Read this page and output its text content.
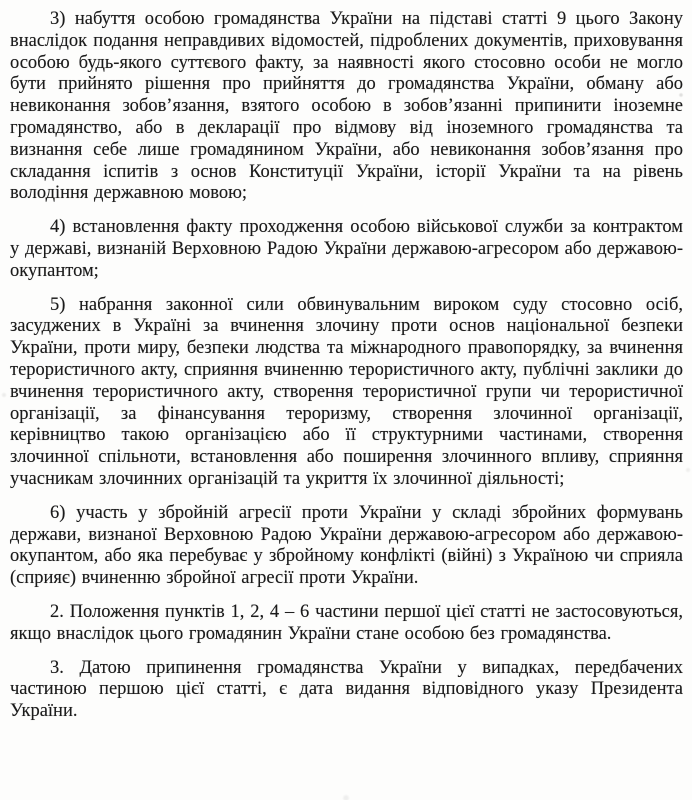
3) набуття особою громадянства України на підставі статті 9 цього Закону внаслідок подання неправдивих відомостей, підроблених документів, приховування особою будь-якого суттєвого факту, за наявності якого стосовно особи не могло бути прийнято рішення про прийняття до громадянства України, обману або невиконання зобов’язання, взятого особою в зобов’язанні припинити іноземне громадянство, або в декларації про відмову від іноземного громадянства та визнання себе лише громадянином України, або невиконання зобов’язання про складання іспитів з основ Конституції України, історії України та на рівень володіння державною мовою;

4) встановлення факту проходження особою військової служби за контрактом у державі, визнаній Верховною Радою України державою-агресором або державою-окупантом;

5) набрання законної сили обвинувальним вироком суду стосовно осіб, засуджених в Україні за вчинення злочину проти основ національної безпеки України, проти миру, безпеки людства та міжнародного правопорядку, за вчинення терористичного акту, сприяння вчиненню терористичного акту, публічні заклики до вчинення терористичного акту, створення терористичної групи чи терористичної організації, за фінансування тероризму, створення злочинної організації, керівництво такою організацією або її структурними частинами, створення злочинної спільноти, встановлення або поширення злочинного впливу, сприяння учасникам злочинних організацій та укриття їх злочинної діяльності;

6) участь у збройній агресії проти України у складі збройних формувань держави, визнаної Верховною Радою України державою-агресором або державою-окупантом, або яка перебуває у збройному конфлікті (війні) з Україною чи сприяла (сприяє) вчиненню збройної агресії проти України.

2. Положення пунктів 1, 2, 4 – 6 частини першої цієї статті не застосовуються, якщо внаслідок цього громадянин України стане особою без громадянства.

3. Датою припинення громадянства України у випадках, передбачених частиною першою цієї статті, є дата видання відповідного указу Президента України.
